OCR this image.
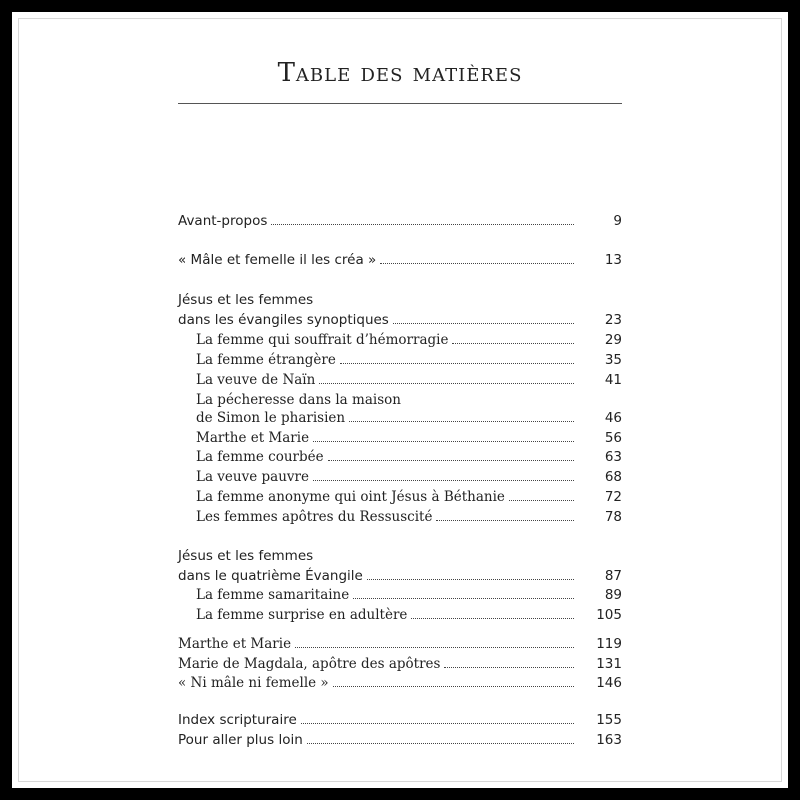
Table des matières
Avant-propos	9
« Mâle et femelle il les créa »	13
Jésus et les femmes
dans les évangiles synoptiques	23
La femme qui souffrait d’hémorragie	29
La femme étrangère	35
La veuve de Naïn	41
La pécheresse dans la maison
de Simon le pharisien	46
Marthe et Marie	56
La femme courbée	63
La veuve pauvre	68
La femme anonyme qui oint Jésus à Béthanie	72
Les femmes apôtres du Ressuscité	78
Jésus et les femmes
dans le quatrième Évangile	87
La femme samaritaine	89
La femme surprise en adultère	105
Marthe et Marie	119
Marie de Magdala, apôtre des apôtres	131
« Ni mâle ni femelle »	146
Index scripturaire	155
Pour aller plus loin	163
